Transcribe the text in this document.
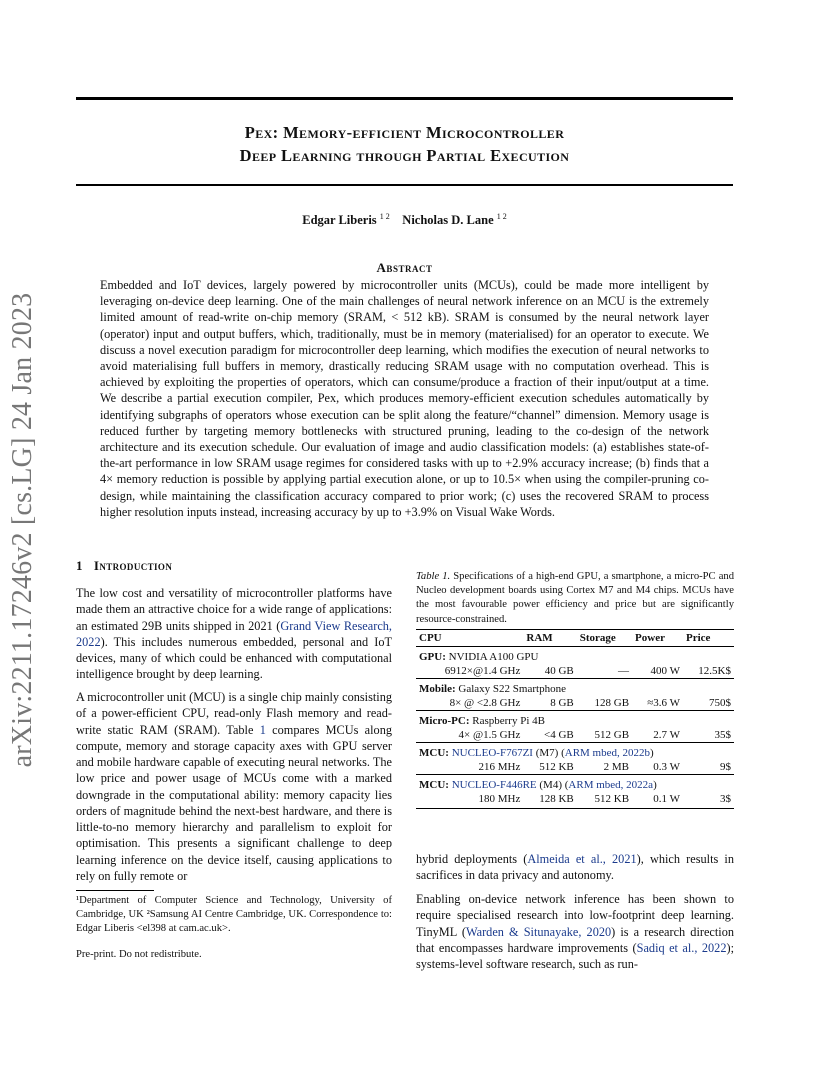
arXiv:2211.17246v2 [cs.LG] 24 Jan 2023
Pex: Memory-efficient Microcontroller
Deep Learning through Partial Execution
Edgar Liberis $^{1 2}$ Nicholas D. Lane $^{1 2}$
Abstract
Embedded and IoT devices, largely powered by microcontroller units (MCUs), could be made more intelligent by leveraging on-device deep learning. One of the main challenges of neural network inference on an MCU is the extremely limited amount of read-write on-chip memory (SRAM, < 512 kB). SRAM is consumed by the neural network layer (operator) input and output buffers, which, traditionally, must be in memory (materialised) for an operator to execute. We discuss a novel execution paradigm for microcontroller deep learning, which modifies the execution of neural networks to avoid materialising full buffers in memory, drastically reducing SRAM usage with no computation overhead. This is achieved by exploiting the properties of operators, which can consume/produce a fraction of their input/output at a time. We describe a partial execution compiler, Pex, which produces memory-efficient execution schedules automatically by identifying subgraphs of operators whose execution can be split along the feature/“channel” dimension. Memory usage is reduced further by targeting memory bottlenecks with structured pruning, leading to the co-design of the network architecture and its execution schedule. Our evaluation of image and audio classification models: (a) establishes state-of-the-art performance in low SRAM usage regimes for considered tasks with up to +2.9% accuracy increase; (b) finds that a 4× memory reduction is possible by applying partial execution alone, or up to 10.5× when using the compiler-pruning co-design, while maintaining the classification accuracy compared to prior work; (c) uses the recovered SRAM to process higher resolution inputs instead, increasing accuracy by up to +3.9% on Visual Wake Words.
1 Introduction
The low cost and versatility of microcontroller platforms have made them an attractive choice for a wide range of applications: an estimated 29B units shipped in 2021 (Grand View Research, 2022). This includes numerous embedded, personal and IoT devices, many of which could be enhanced with computational intelligence brought by deep learning.
A microcontroller unit (MCU) is a single chip mainly consisting of a power-efficient CPU, read-only Flash memory and read-write static RAM (SRAM). Table 1 compares MCUs along compute, memory and storage capacity axes with GPU server and mobile hardware capable of executing neural networks. The low price and power usage of MCUs come with a marked downgrade in the computational ability: memory capacity lies orders of magnitude behind the next-best hardware, and there is little-to-no memory hierarchy and parallelism to exploit for optimisation. This presents a significant challenge to deep learning inference on the device itself, causing applications to rely on fully remote or
¹Department of Computer Science and Technology, University of Cambridge, UK ²Samsung AI Centre Cambridge, UK. Correspondence to: Edgar Liberis <el398 at cam.ac.uk>.
Pre-print. Do not redistribute.
Table 1. Specifications of a high-end GPU, a smartphone, a micro-PC and Nucleo development boards using Cortex M7 and M4 chips. MCUs have the most favourable power efficiency and price but are significantly resource-constrained.
CPU	RAM	Storage	Power	Price
GPU: NVIDIA A100 GPU				
6912×@1.4 GHz	40 GB	—	400 W	12.5K$
Mobile: Galaxy S22 Smartphone				
8× @ <2.8 GHz	8 GB	128 GB	≈3.6 W	750$
Micro-PC: Raspberry Pi 4B				
4× @1.5 GHz	<4 GB	512 GB	2.7 W	35$
MCU: NUCLEO-F767ZI (M7) (ARM mbed, 2022b)				
216 MHz	512 KB	2 MB	0.3 W	9$
MCU: NUCLEO-F446RE (M4) (ARM mbed, 2022a)				
180 MHz	128 KB	512 KB	0.1 W	3$
hybrid deployments (Almeida et al., 2021), which results in sacrifices in data privacy and autonomy.
Enabling on-device network inference has been shown to require specialised research into low-footprint deep learning. TinyML (Warden & Situnayake, 2020) is a research direction that encompasses hardware improvements (Sadiq et al., 2022); systems-level software research, such as run-
